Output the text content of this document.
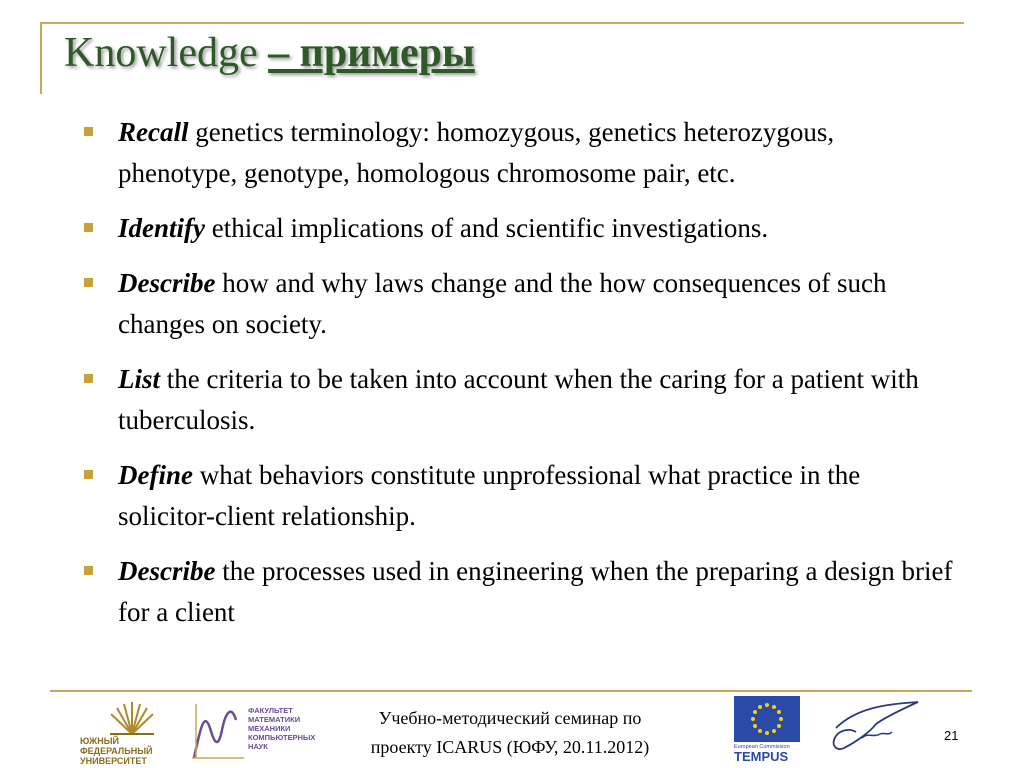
Knowledge – примеры
Recall genetics terminology: homozygous, genetics heterozygous, phenotype, genotype, homologous chromosome pair, etc.
Identify ethical implications of and scientific investigations.
Describe how and why laws change and the how consequences of such changes on society.
List the criteria to be taken into account when the caring for a patient with tuberculosis.
Define what behaviors constitute unprofessional what practice in the solicitor-client relationship.
Describe the processes used in engineering when the preparing a design brief for a client
ЮЖНЫЙ
ФЕДЕРАЛЬНЫЙ
УНИВЕРСИТЕТ
ФАКУЛЬТЕТ
МАТЕМАТИКИ
МЕХАНИКИ
КОМПЬЮТЕРНЫХ
НАУК
Учебно-методический семинар по
проекту ICARUS (ЮФУ, 20.11.2012)	European Commission
TEMPUS
21
